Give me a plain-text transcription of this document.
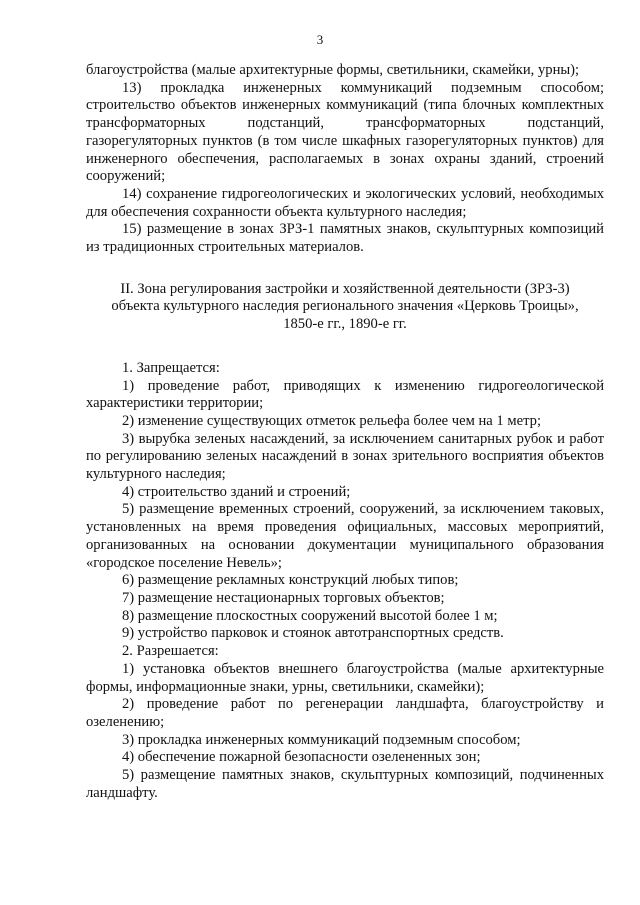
3

благоустройства (малые архитектурные формы, светильники, скамейки, урны);

13) прокладка инженерных коммуникаций подземным способом; строительство объектов инженерных коммуникаций (типа блочных комплектных трансформаторных подстанций, трансформаторных подстанций, газорегуляторных пунктов (в том числе шкафных газорегуляторных пунктов) для инженерного обеспечения, располагаемых в зонах охраны зданий, строений сооружений;

14) сохранение гидрогеологических и экологических условий, необходимых для обеспечения сохранности объекта культурного наследия;

15) размещение в зонах ЗРЗ-1 памятных знаков, скульптурных композиций из традиционных строительных материалов.

II. Зона регулирования застройки и хозяйственной деятельности (ЗРЗ-3)
объекта культурного наследия регионального значения «Церковь Троицы»,
1850-е гг., 1890-е гг.

1. Запрещается:

1) проведение работ, приводящих к изменению гидрогеологической характеристики территории;

2) изменение существующих отметок рельефа более чем на 1 метр;

3) вырубка зеленых насаждений, за исключением санитарных рубок и работ по регулированию зеленых насаждений в зонах зрительного восприятия объектов культурного наследия;

4) строительство зданий и строений;

5) размещение временных строений, сооружений, за исключением таковых, установленных на время проведения официальных, массовых мероприятий, организованных на основании документации муниципального образования «городское поселение Невель»;

6) размещение рекламных конструкций любых типов;

7) размещение нестационарных торговых объектов;

8) размещение плоскостных сооружений высотой более 1 м;

9) устройство парковок и стоянок автотранспортных средств.

2. Разрешается:

1) установка объектов внешнего благоустройства (малые архитектурные формы, информационные знаки, урны, светильники, скамейки);

2) проведение работ по регенерации ландшафта, благоустройству и озеленению;

3) прокладка инженерных коммуникаций подземным способом;

4) обеспечение пожарной безопасности озелененных зон;

5) размещение памятных знаков, скульптурных композиций, подчиненных ландшафту.
